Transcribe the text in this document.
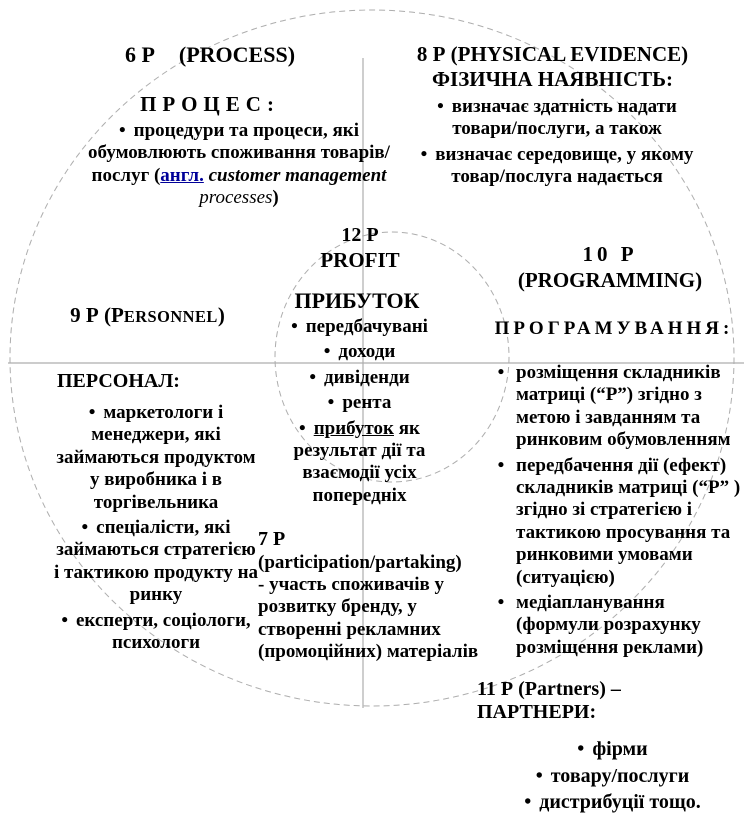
6 Р (PROCESS)
ПРОЦЕС:
• процедури та процеси, які обумовлюють споживання товарів/послуг (англ. customer management processes)
8 Р (PHYSICAL EVIDENCE)
ФІЗИЧНА НАЯВНІСТЬ:
• визначає здатність надати товари/послуги, а також
• визначає середовище, у якому товар/послуга надається
12 Р
PROFIT
ПРИБУТОК
• передбачувані
• доходи
• дивіденди
• рента
• прибуток як результат дії та взаємодії усіх попередніх
9 Р (PERSONNEL)
ПЕРСОНАЛ:
• маркетологи і менеджери, які займаються продуктом у виробника і в торгівельника
• спеціалісти, які займаються стратегією і тактикою продукту на ринку
• експерти, соціологи, психологи
7 Р
(participation/partaking)
- участь споживачів у розвитку бренду, у створенні рекламних (промоційних) матеріалів
10 Р
(PROGRAMMING)
ПРОГРАМУВАННЯ:
• розміщення складників матриці (“Р”) згідно з метою і завданням та ринковим обумовленням
• передбачення дії (ефект) складників матриці (“Р” ) згідно зі стратегією і тактикою просування та ринковими умовами (ситуацією)
• медіапланування (формули розрахунку розміщення реклами)
11 Р (Partners) –
ПАРТНЕРИ:
• фірми
• товару/послуги
• дистрибуції тощо.
